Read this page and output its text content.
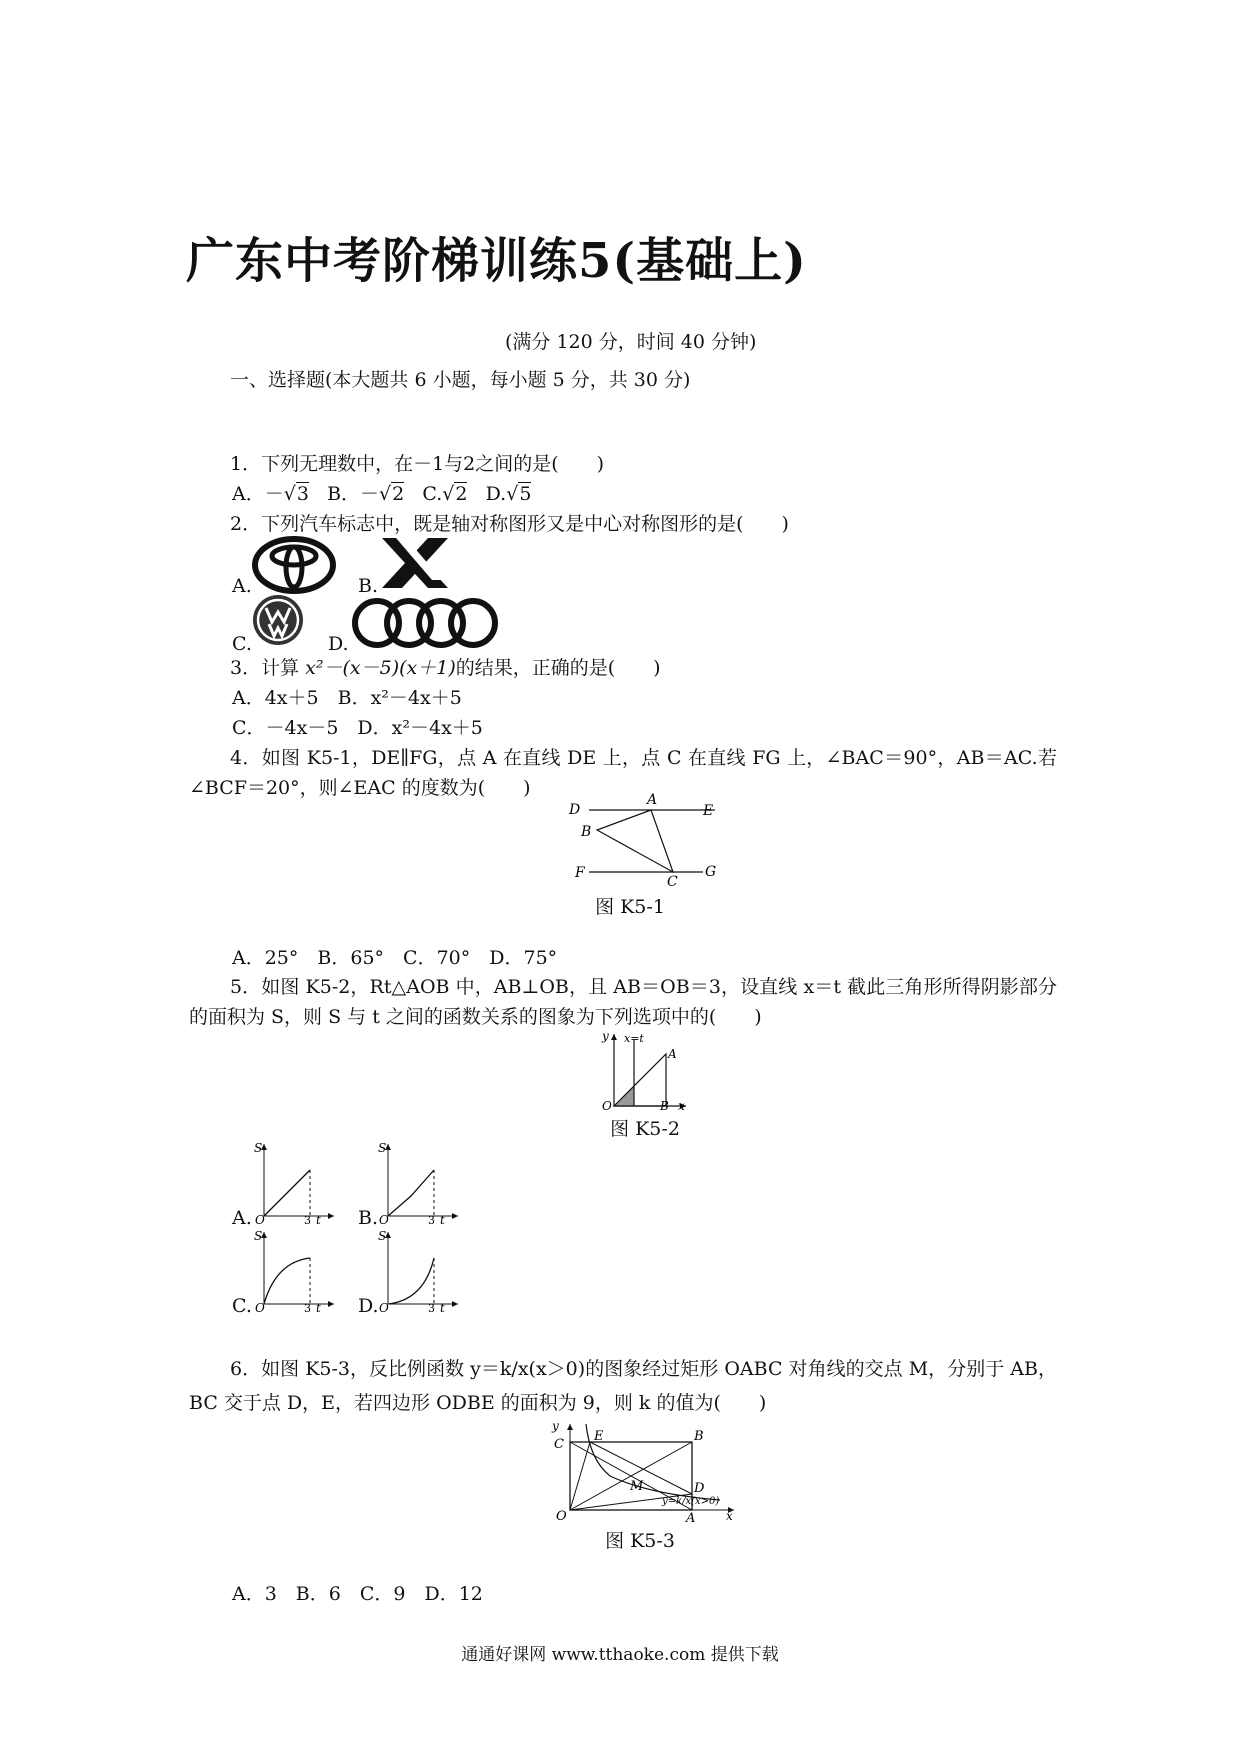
广东中考阶梯训练5(基础上)
(满分 120 分，时间 40 分钟)
一、选择题(本大题共 6 小题，每小题 5 分，共 30 分)
1．下列无理数中，在－1与2之间的是(　　)
A．－√3 B．－√2 C.√2 D.√5
2．下列汽车标志中，既是轴对称图形又是中心对称图形的是(　　)
A.	B.
C.	D.
3．计算 x²－(x－5)(x＋1)的结果，正确的是(　　)
A．4x＋5　B．x²－4x＋5
C．－4x－5　D．x²－4x＋5
4．如图 K5-1，DE∥FG，点 A 在直线 DE 上，点 C 在直线 FG 上，∠BAC＝90°，AB＝AC.若∠BCF＝20°，则∠EAC 的度数为(　　)
D
A
E
B
F
C
G
图 K5-1
A．25°　B．65°　C．70°　D．75°
5．如图 K5-2，Rt△AOB 中，AB⊥OB，且 AB＝OB＝3，设直线 x＝t 截此三角形所得阴影部分的面积为 S，则 S 与 t 之间的函数关系的图象为下列选项中的(　　)
y x=t
A
O	B x
图 K5-2
A.
S
O	3 t B.
S
O	3 t
C.
S
O	3 t D.
S
O	3 t
6．如图 K5-3，反比例函数 y＝k/x(x＞0)的图象经过矩形 OABC 对角线的交点 M，分别于 AB，BC 交于点 D，E，若四边形 ODBE 的面积为 9，则 k 的值为(　　)
y
C
E	B
D
M
O	A	x
y=k/x(x>0)
图 K5-3
A．3　B．6　C．9　D．12
通通好课网 www.tthaoke.com 提供下载
